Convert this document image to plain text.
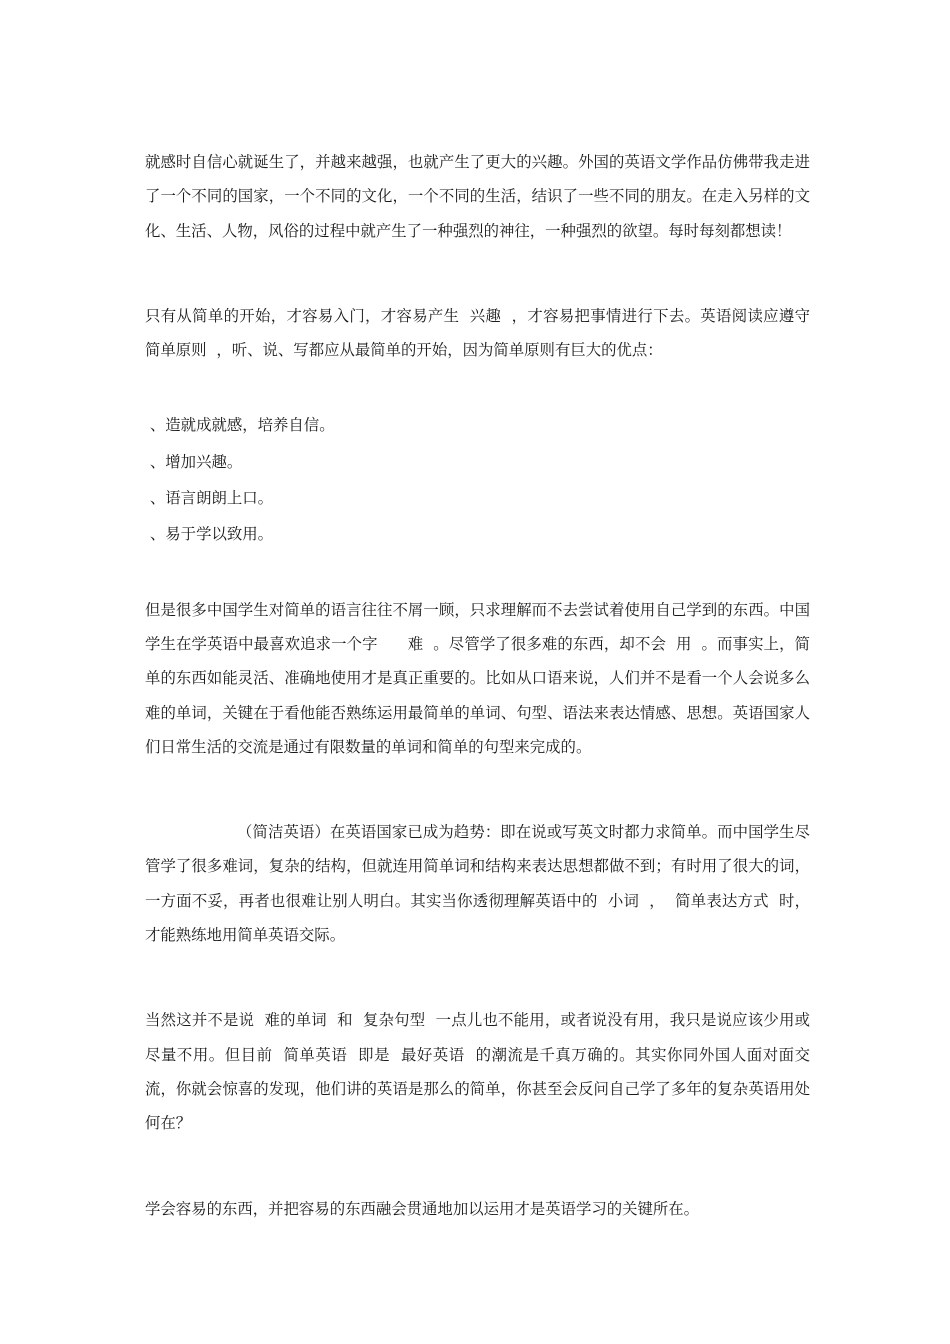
就感时自信心就诞生了，并越来越强，也就产生了更大的兴趣。外国的英语文学作品仿佛带我走进了一个不同的国家，一个不同的文化，一个不同的生活，结识了一些不同的朋友。在走入另样的文化、生活、人物，风俗的过程中就产生了一种强烈的神往，一种强烈的欲望。每时每刻都想读！

只有从简单的开始，才容易入门，才容易产生  兴趣  ，才容易把事情进行下去。英语阅读应遵守  简单原则  ，听、说、写都应从最简单的开始，因为简单原则有巨大的优点：

、造就成就感，培养自信。

、增加兴趣。

、语言朗朗上口。

、易于学以致用。

但是很多中国学生对简单的语言往往不屑一顾，只求理解而不去尝试着使用自己学到的东西。中国学生在学英语中最喜欢追求一个字      难  。尽管学了很多难的东西，却不会  用  。而事实上，简单的东西如能灵活、准确地使用才是真正重要的。比如从口语来说，人们并不是看一个人会说多么难的单词，关键在于看他能否熟练运用最简单的单词、句型、语法来表达情感、思想。英语国家人们日常生活的交流是通过有限数量的单词和简单的句型来完成的。

（简洁英语）在英语国家已成为趋势：即在说或写英文时都力求简单。而中国学生尽管学了很多难词，复杂的结构，但就连用简单词和结构来表达思想都做不到；有时用了很大的词，一方面不妥，再者也很难让别人明白。其实当你透彻理解英语中的  小词  ，  简单表达方式  时，才能熟练地用简单英语交际。

当然这并不是说  难的单词  和  复杂句型  一点儿也不能用，或者说没有用，我只是说应该少用或尽量不用。但目前  简单英语  即是  最好英语  的潮流是千真万确的。其实你同外国人面对面交流，你就会惊喜的发现，他们讲的英语是那么的简单，你甚至会反问自己学了多年的复杂英语用处何在？

学会容易的东西，并把容易的东西融会贯通地加以运用才是英语学习的关键所在。
